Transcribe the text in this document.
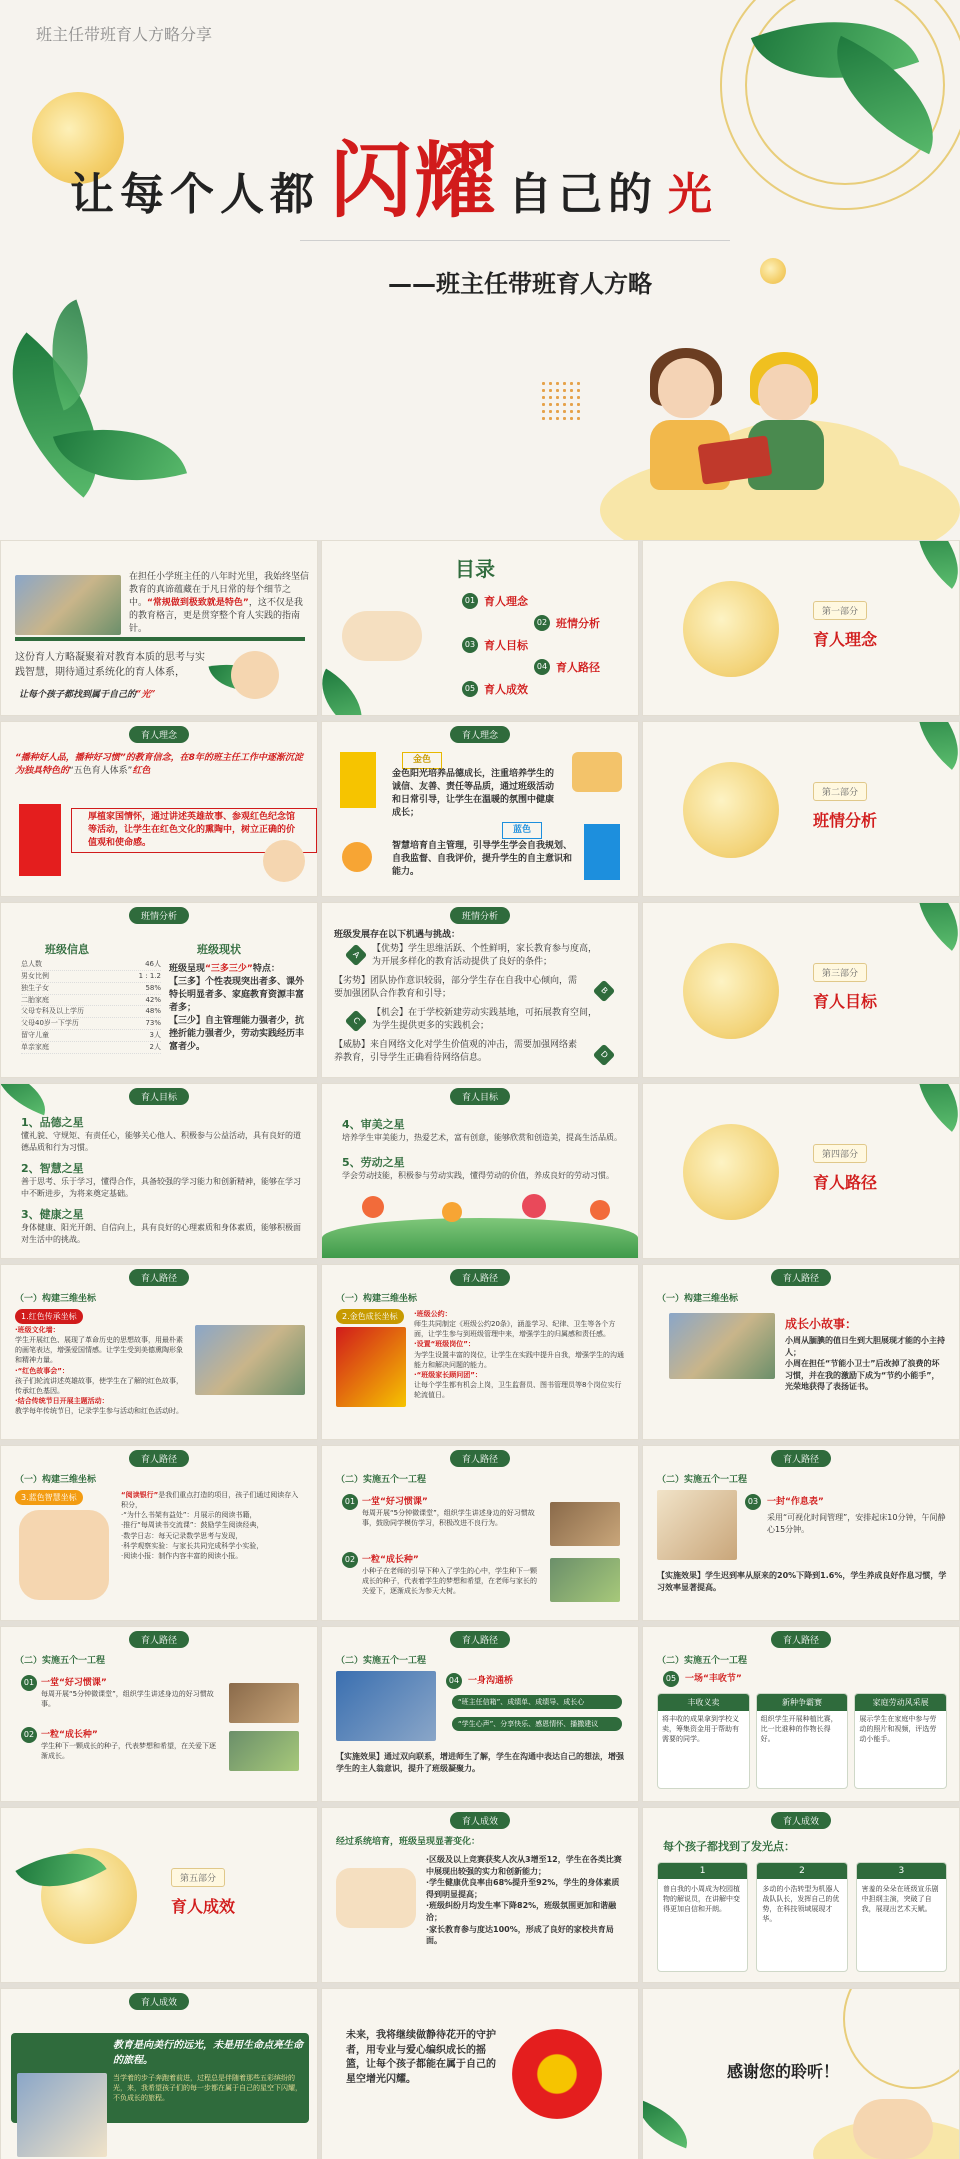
班主任带班育人方略分享
让每个人都 闪耀 自己的 光
——班主任带班育人方略
在担任小学班主任的八年时光里，我始终坚信教育的真谛蕴藏在于凡日常的每个细节之中。“常规做到极致就是特色”，这不仅是我的教育格言，更是贯穿整个育人实践的指南针。
这份育人方略凝聚着对教育本质的思考与实践智慧，期待通过系统化的育人体系，
让每个孩子都找到属于自己的“光”
目录
01 育人理念
02 班情分析
03 育人目标
04 育人路径
05 育人成效
第一部分
育人理念
育人理念
“播种好人品，播种好习惯”的教育信念，在8年的班主任工作中逐渐沉淀为独具特色的“五色育人体系”红色
厚植家国情怀，通过讲述英雄故事、参观红色纪念馆等活动，让学生在红色文化的熏陶中，树立正确的价值观和使命感。
育人理念
金色
金色阳光培养品德成长，注重培养学生的诚信、友善、责任等品质，通过班级活动和日常引导，让学生在温暖的氛围中健康成长；
蓝色
智慧培育自主管理，引导学生学会自我规划、自我监督、自我评价，提升学生的自主意识和能力。
第二部分
班情分析
班情分析
班级信息	班级现状
总人数	46人
男女比例	1 : 1.2
独生子女	58%
二胎家庭	42%
父母专科及以上学历	48%
父母40岁一下学历	73%
留守儿童	3人
单亲家庭	2人
班级呈现“三多三少”特点：
【三多】个性表现突出者多、课外特长明显者多、家庭教育资源丰富者多；
【三少】自主管理能力强者少，抗挫折能力强者少，劳动实践经历丰富者少。
班情分析
班级发展存在以下机遇与挑战：
A
【优势】学生思维活跃、个性鲜明，家长教育参与度高，为开展多样化的教育活动提供了良好的条件；
B
【劣势】团队协作意识较弱，部分学生存在自我中心倾向，需要加强团队合作教育和引导；
C
【机会】在于学校新建劳动实践基地，可拓展教育空间，为学生提供更多的实践机会；
D
【威胁】来自网络文化对学生价值观的冲击，需要加强网络素养教育，引导学生正确看待网络信息。
第三部分
育人目标
育人目标
1、品德之星
懂礼貌、守规矩、有责任心，能够关心他人、积极参与公益活动，具有良好的道德品质和行为习惯。
2、智慧之星
善于思考、乐于学习，懂得合作，具备较强的学习能力和创新精神，能够在学习中不断进步，为将来奠定基础。
3、健康之星
身体健康、阳光开朗、自信向上，具有良好的心理素质和身体素质，能够积极面对生活中的挑战。
育人目标
4、审美之星
培养学生审美能力，热爱艺术，富有创意，能够欣赏和创造美，提高生活品质。
5、劳动之星
学会劳动技能，积极参与劳动实践，懂得劳动的价值，养成良好的劳动习惯。
第四部分
育人路径
育人路径
（一）构建三维坐标
1.红色传承坐标
·班级文化墙：
学生开展红色、展现了革命历史的思想故事，用最朴素的画笔表达，增强爱国情感。让学生受到美德熏陶形象和精神力量。
·“红色故事会”：
孩子们轮流讲述英雄故事，使学生在了解的红色故事，传承红色基因。
·结合传统节日开展主题活动：
教学每年传统节日，记录学生参与活动和红色活动时。
育人路径
（一）构建三维坐标
2.金色成长坐标	·班级公约：
师生共同制定《班级公约20条》，涵盖学习、纪律、卫生等各个方面，让学生参与到班级管理中来，增强学生的归属感和责任感。
·设置“班级岗位”：
为学生设置丰富的岗位，让学生在实践中提升自我，增强学生的沟通能力和解决问题的能力。
·“班级家长顾问团”：
让每个学生都有机会上岗，卫生监督员、图书管理员等8个岗位实行轮流值日。
育人路径
（一）构建三维坐标
成长小故事：
小周从腼腆的值日生到大胆展现才能的小主持人；
小周在担任“节能小卫士”后改掉了浪费的坏习惯，并在我的激励下成为“节约小能手”，光荣地获得了表扬证书。
育人路径
（一）构建三维坐标
3.蓝色智慧坐标	“阅读银行”是我们重点打造的项目，孩子们通过阅读存入积分，
·“为什么书架有益处”：月展示的阅读书籍，
·推行“每周读书交流课”：鼓励学生阅读经典，
·数学日志：每天记录数学思考与发现，
·科学观察实验：与家长共同完成科学小实验，
·阅读小报：制作内容丰富的阅读小报。
育人路径
（二）实施五个一工程
01 一堂“好习惯课”
每周开展“5分钟微课堂”，组织学生讲述身边的好习惯故事，鼓励同学模仿学习，积极改进不良行为。
02 一粒“成长种”
小种子在老师的引导下种入了学生的心中，学生种下一颗成长的种子，代表着学生的梦想和希望，在老师与家长的关爱下，逐渐成长为参天大树。
育人路径
（二）实施五个一工程
03 一封“作息表”
采用“可视化时间管理”，安排起床10分钟，午间静心15分钟。
【实施效果】学生迟到率从原来的20%下降到1.6%，学生养成良好作息习惯，学习效率显著提高。
育人路径
（二）实施五个一工程
01 一堂“好习惯课”
每周开展“5分钟微课堂”，组织学生讲述身边的好习惯故事。
02 一粒“成长种”
学生种下一颗成长的种子，代表梦想和希望，在关爱下逐渐成长。
育人路径
（二）实施五个一工程
04 一身沟通桥
“班主任信箱”、成绩单、成绩导、成长心
“学生心声”、分享快乐、感恩情怀、播撒建议
【实施效果】通过双向联系，增进师生了解，学生在沟通中表达自己的想法，增强学生的主人翁意识，提升了班级凝聚力。
育人路径
（二）实施五个一工程
05 一场“丰收节”
丰收义卖
将丰收的成果拿到学校义卖，筹集资金用于帮助有需要的同学。
新种争霸赛
组织学生开展种植比赛，比一比谁种的作物长得好。
家庭劳动风采展
展示学生在家庭中参与劳动的照片和视频，评选劳动小能手。
第五部分
育人成效
育人成效
经过系统培育，班级呈现显著变化：
·区级及以上竞赛获奖人次从3增至12，学生在各类比赛中展现出较强的实力和创新能力；
·学生健康优良率由68%提升至92%，学生的身体素质得到明显提高；
·班级纠纷月均发生率下降82%，班级氛围更加和谐融洽；
·家长教育参与度达100%，形成了良好的家校共育局面。
育人成效
每个孩子都找到了发光点：
1
曾自我的小周成为校园植物的解说员，在讲解中变得更加自信和开朗。
2
多动的小浩转型为机器人战队队长，发挥自己的优势，在科技领域展现才华。
3
害羞的朵朵在班级宣乐剧中担纲主演，突破了自我，展现出艺术天赋。
育人成效
教育是向美行的远光，未是用生命点亮生命的旅程。
当学着的步子奔跑着前进，过程总是伴随着那些五彩缤纷的光，来，我希望孩子们的每一步都在属于自己的星空下闪耀，不负成长的旅程。
未来，我将继续做静待花开的守护者，用专业与爱心编织成长的摇篮，让每个孩子都能在属于自己的星空增光闪耀。	感谢您的聆听！
